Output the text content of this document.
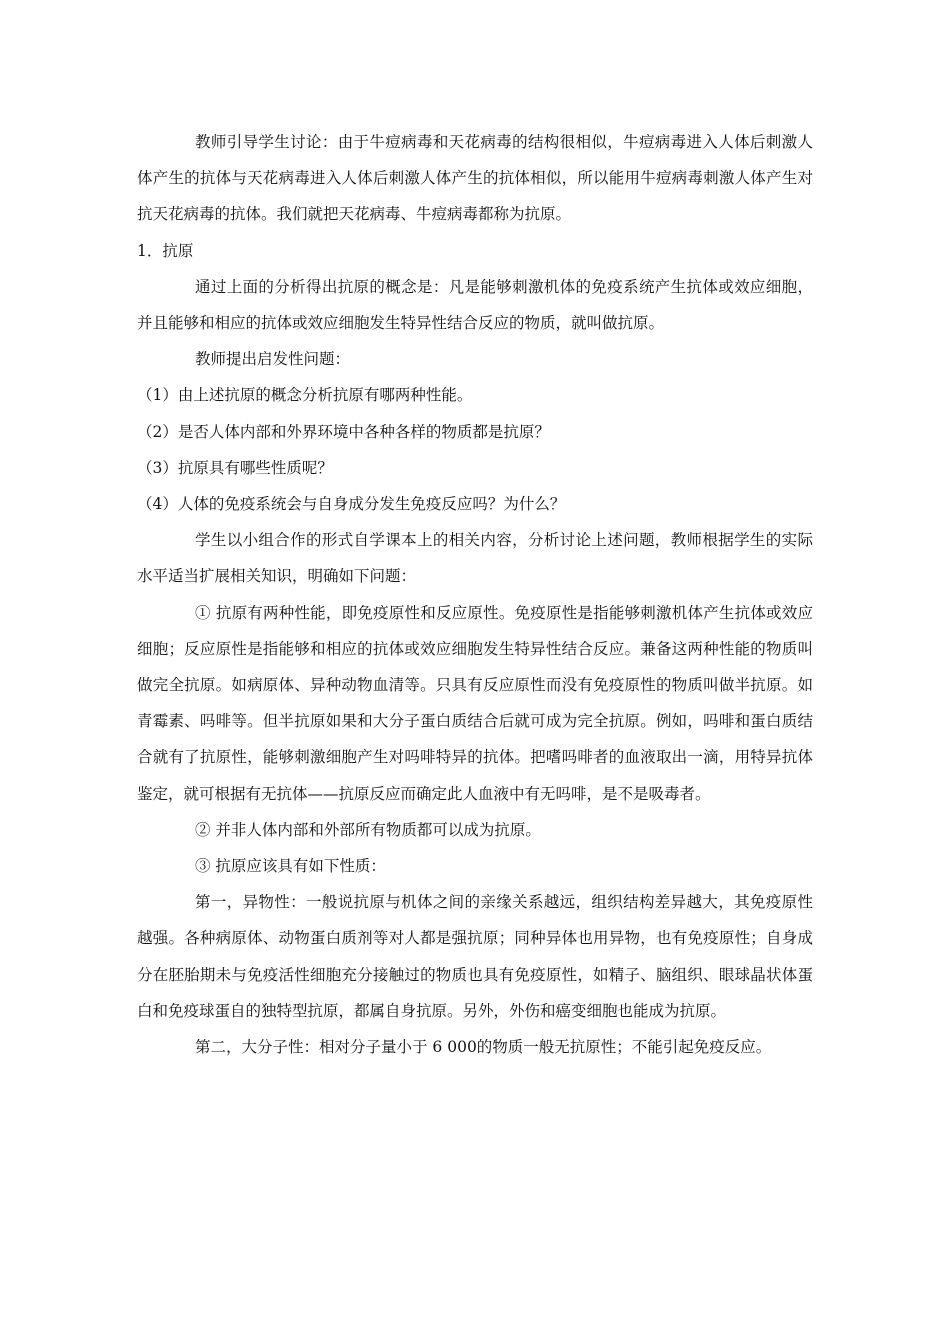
教师引导学生讨论：由于牛痘病毒和天花病毒的结构很相似，牛痘病毒进入人体后刺激人体产生的抗体与天花病毒进入人体后刺激人体产生的抗体相似，所以能用牛痘病毒刺激人体产生对抗天花病毒的抗体。我们就把天花病毒、牛痘病毒都称为抗原。

1．抗原

通过上面的分析得出抗原的概念是：凡是能够刺激机体的免疫系统产生抗体或效应细胞，并且能够和相应的抗体或效应细胞发生特异性结合反应的物质，就叫做抗原。

教师提出启发性问题：

（1）由上述抗原的概念分析抗原有哪两种性能。

（2）是否人体内部和外界环境中各种各样的物质都是抗原？

（3）抗原具有哪些性质呢？

（4）人体的免疫系统会与自身成分发生免疫反应吗？为什么？

学生以小组合作的形式自学课本上的相关内容，分析讨论上述问题，教师根据学生的实际水平适当扩展相关知识，明确如下问题：

① 抗原有两种性能，即免疫原性和反应原性。免疫原性是指能够刺激机体产生抗体或效应细胞；反应原性是指能够和相应的抗体或效应细胞发生特异性结合反应。兼备这两种性能的物质叫做完全抗原。如病原体、异种动物血清等。只具有反应原性而没有免疫原性的物质叫做半抗原。如青霉素、吗啡等。但半抗原如果和大分子蛋白质结合后就可成为完全抗原。例如，吗啡和蛋白质结合就有了抗原性，能够刺激细胞产生对吗啡特异的抗体。把嗜吗啡者的血液取出一滴，用特异抗体鉴定，就可根据有无抗体——抗原反应而确定此人血液中有无吗啡，是不是吸毒者。

② 并非人体内部和外部所有物质都可以成为抗原。

③ 抗原应该具有如下性质：

第一，异物性：一般说抗原与机体之间的亲缘关系越远，组织结构差异越大，其免疫原性越强。各种病原体、动物蛋白质剂等对人都是强抗原；同种异体也用异物，也有免疫原性；自身成分在胚胎期未与免疫活性细胞充分接触过的物质也具有免疫原性，如精子、脑组织、眼球晶状体蛋白和免疫球蛋自的独特型抗原，都属自身抗原。另外，外伤和癌变细胞也能成为抗原。

第二，大分子性：相对分子量小于 6 000的物质一般无抗原性；不能引起免疫反应。
